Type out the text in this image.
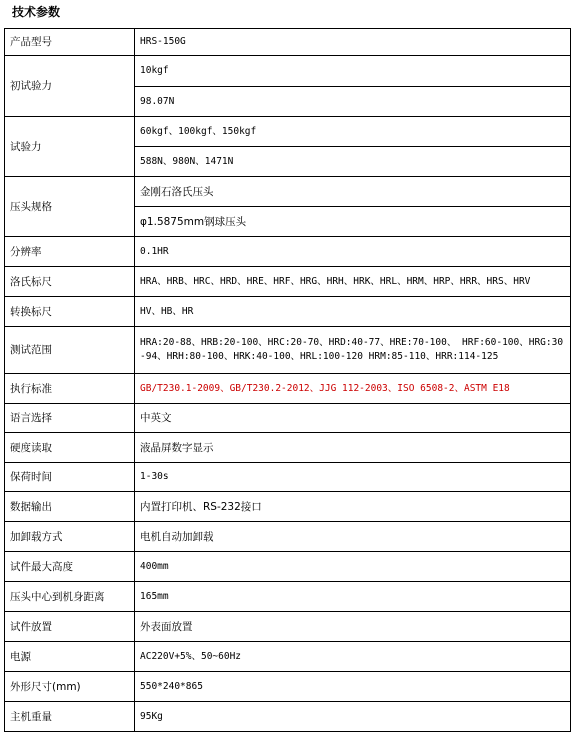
技术参数
产品型号	HRS-150G
初试验力	10kgf
	98.07N
试验力	60kgf、100kgf、150kgf
	588N、980N、1471N
压头规格	金刚石洛氏压头
	φ1.5875mm钢球压头
分辨率	0.1HR
洛氏标尺	HRA、HRB、HRC、HRD、HRE、HRF、HRG、HRH、HRK、HRL、HRM、HRP、HRR、HRS、HRV
转换标尺	HV、HB、HR
测试范围	HRA:20-88、HRB:20-100、HRC:20-70、HRD:40-77、HRE:70-100、 HRF:60-100、HRG:30-94、HRH:80-100、HRK:40-100、HRL:100-120 HRM:85-110、HRR:114-125
执行标准	GB/T230.1-2009、GB/T230.2-2012、JJG 112-2003、ISO 6508-2、ASTM E18
语言选择	中英文
硬度读取	液晶屏数字显示
保荷时间	1-30s
数据输出	内置打印机、RS-232接口
加卸载方式	电机自动加卸载
试件最大高度	400mm
压头中心到机身距离	165mm
试件放置	外表面放置
电源	AC220V+5%、50~60Hz
外形尺寸(mm)	550*240*865
主机重量	95Kg
